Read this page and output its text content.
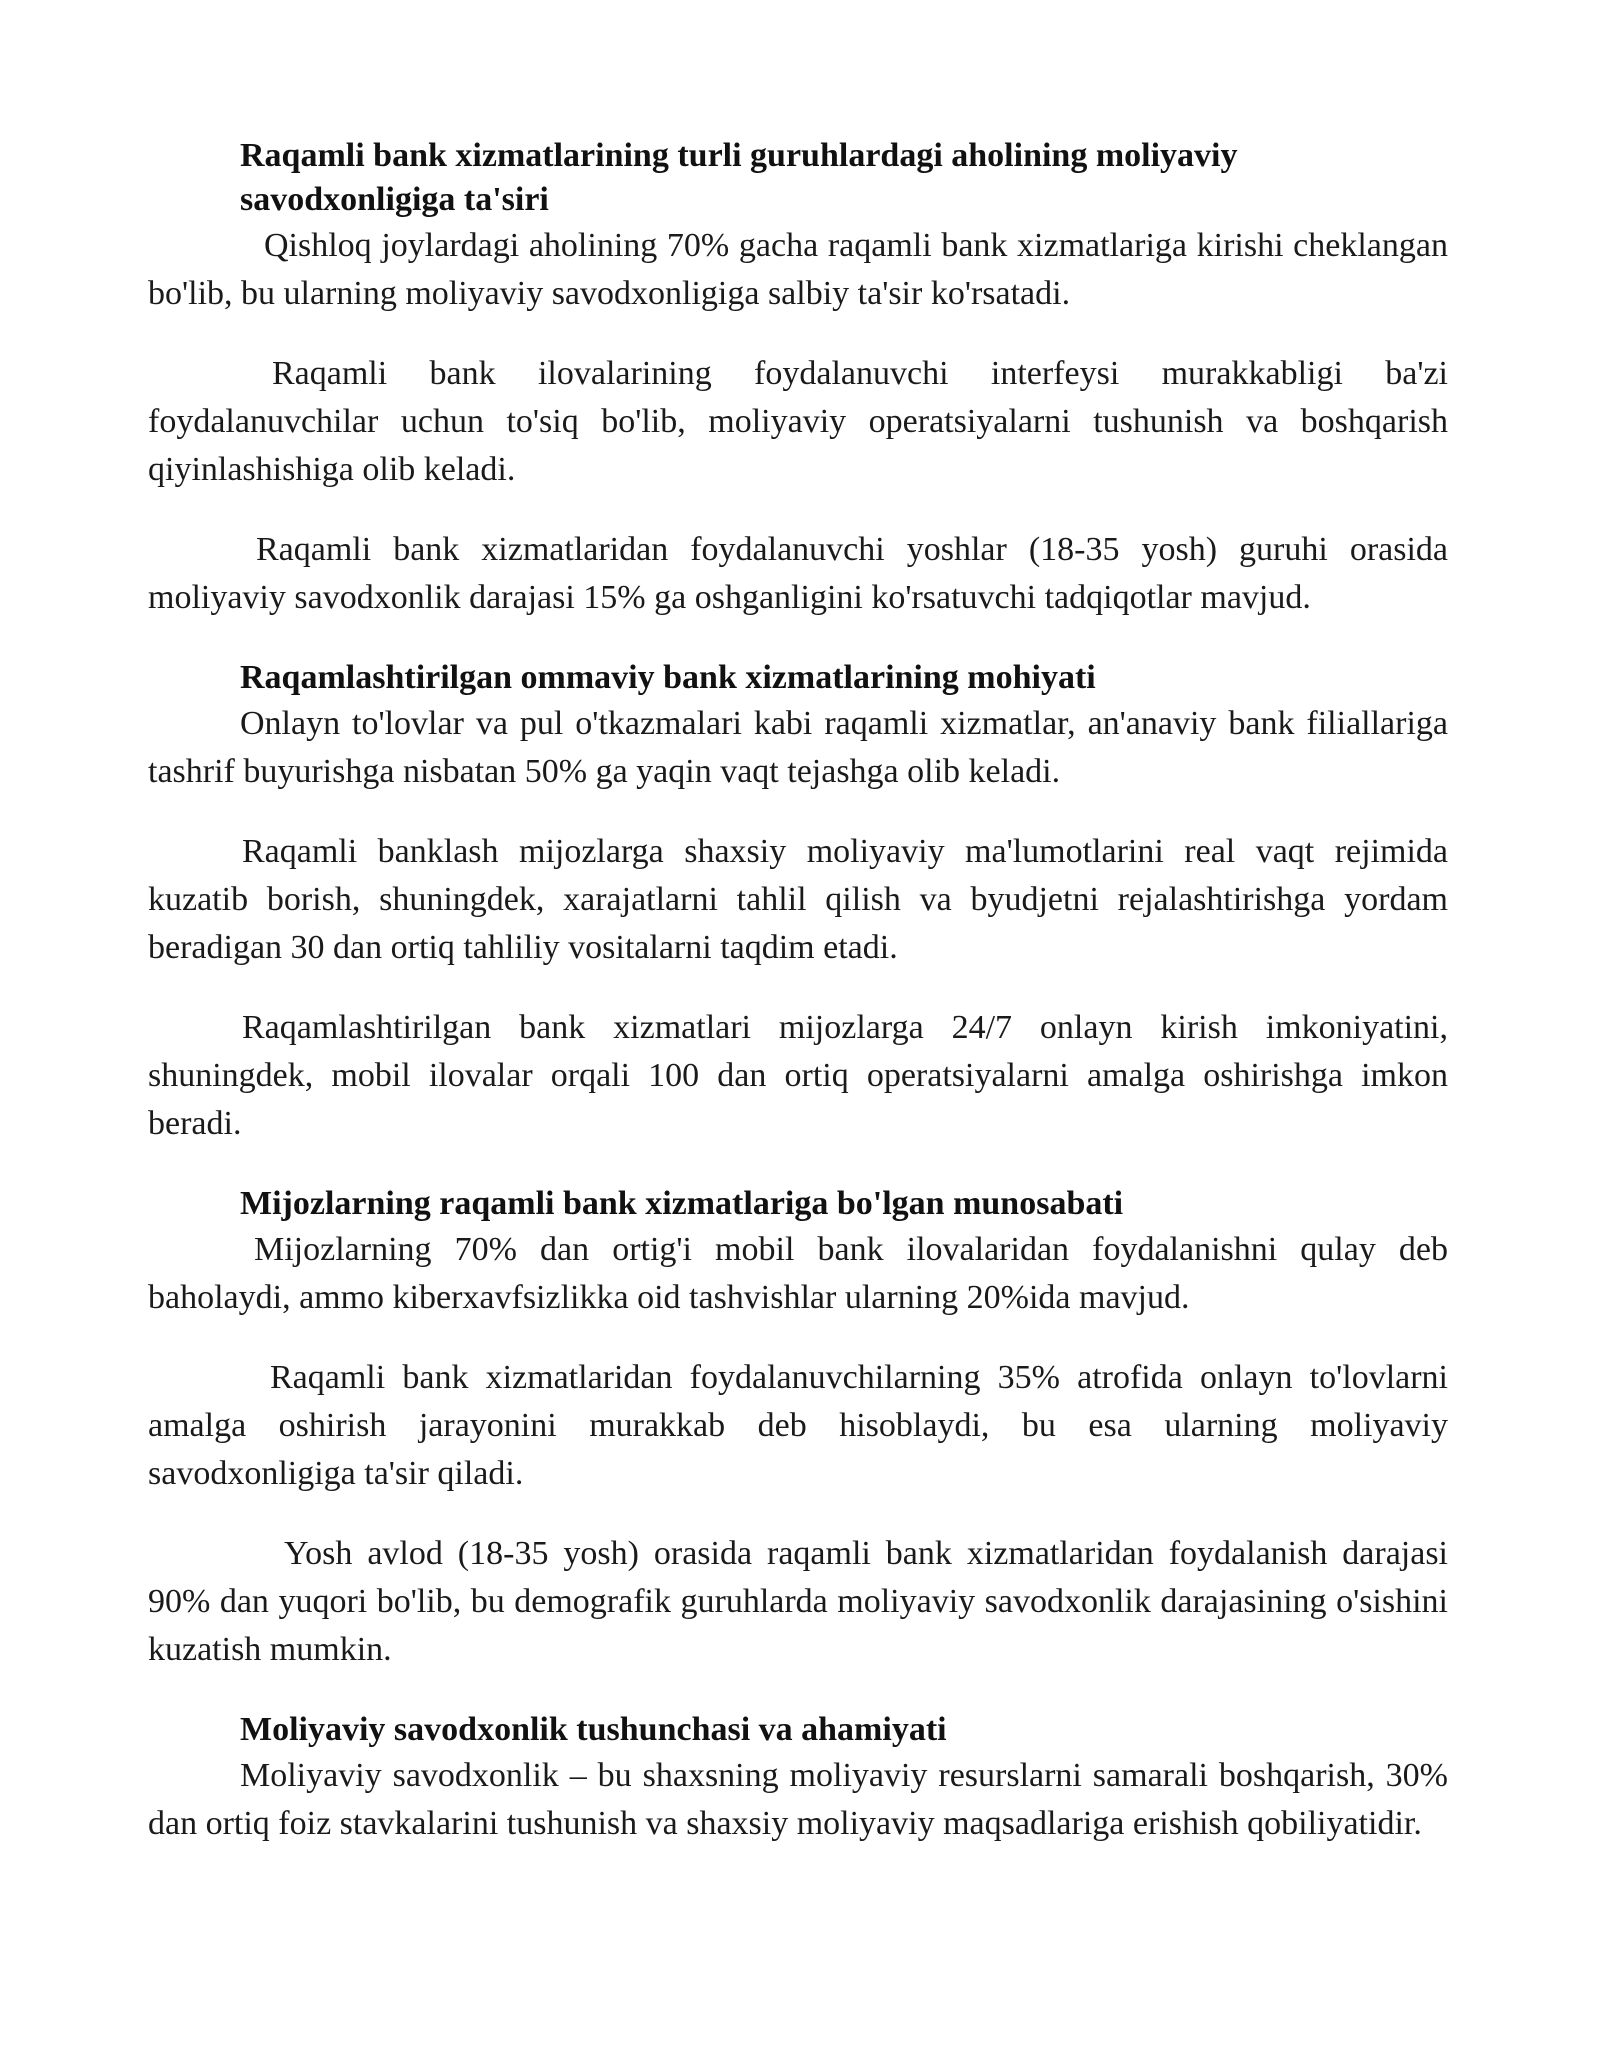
Raqamli bank xizmatlarining turli guruhlardagi aholining moliyaviy savodxonligiga ta'siri

Qishloq joylardagi aholining 70% gacha raqamli bank xizmatlariga kirishi cheklangan bo'lib, bu ularning moliyaviy savodxonligiga salbiy ta'sir ko'rsatadi.

Raqamli bank ilovalarining foydalanuvchi interfeysi murakkabligi ba'zi foydalanuvchilar uchun to'siq bo'lib, moliyaviy operatsiyalarni tushunish va boshqarish qiyinlashishiga olib keladi.

Raqamli bank xizmatlaridan foydalanuvchi yoshlar (18-35 yosh) guruhi orasida moliyaviy savodxonlik darajasi 15% ga oshganligini ko'rsatuvchi tadqiqotlar mavjud.

Raqamlashtirilgan ommaviy bank xizmatlarining mohiyati

Onlayn to'lovlar va pul o'tkazmalari kabi raqamli xizmatlar, an'anaviy bank filiallariga tashrif buyurishga nisbatan 50% ga yaqin vaqt tejashga olib keladi.

Raqamli banklash mijozlarga shaxsiy moliyaviy ma'lumotlarini real vaqt rejimida kuzatib borish, shuningdek, xarajatlarni tahlil qilish va byudjetni rejalashtirishga yordam beradigan 30 dan ortiq tahliliy vositalarni taqdim etadi.

Raqamlashtirilgan bank xizmatlari mijozlarga 24/7 onlayn kirish imkoniyatini, shuningdek, mobil ilovalar orqali 100 dan ortiq operatsiyalarni amalga oshirishga imkon beradi.

Mijozlarning raqamli bank xizmatlariga bo'lgan munosabati

Mijozlarning 70% dan ortig'i mobil bank ilovalaridan foydalanishni qulay deb baholaydi, ammo kiberxavfsizlikka oid tashvishlar ularning 20%ida mavjud.

Raqamli bank xizmatlaridan foydalanuvchilarning 35% atrofida onlayn to'lovlarni amalga oshirish jarayonini murakkab deb hisoblaydi, bu esa ularning moliyaviy savodxonligiga ta'sir qiladi.

Yosh avlod (18-35 yosh) orasida raqamli bank xizmatlaridan foydalanish darajasi 90% dan yuqori bo'lib, bu demografik guruhlarda moliyaviy savodxonlik darajasining o'sishini kuzatish mumkin.

Moliyaviy savodxonlik tushunchasi va ahamiyati

Moliyaviy savodxonlik – bu shaxsning moliyaviy resurslarni samarali boshqarish, 30% dan ortiq foiz stavkalarini tushunish va shaxsiy moliyaviy maqsadlariga erishish qobiliyatidir.
